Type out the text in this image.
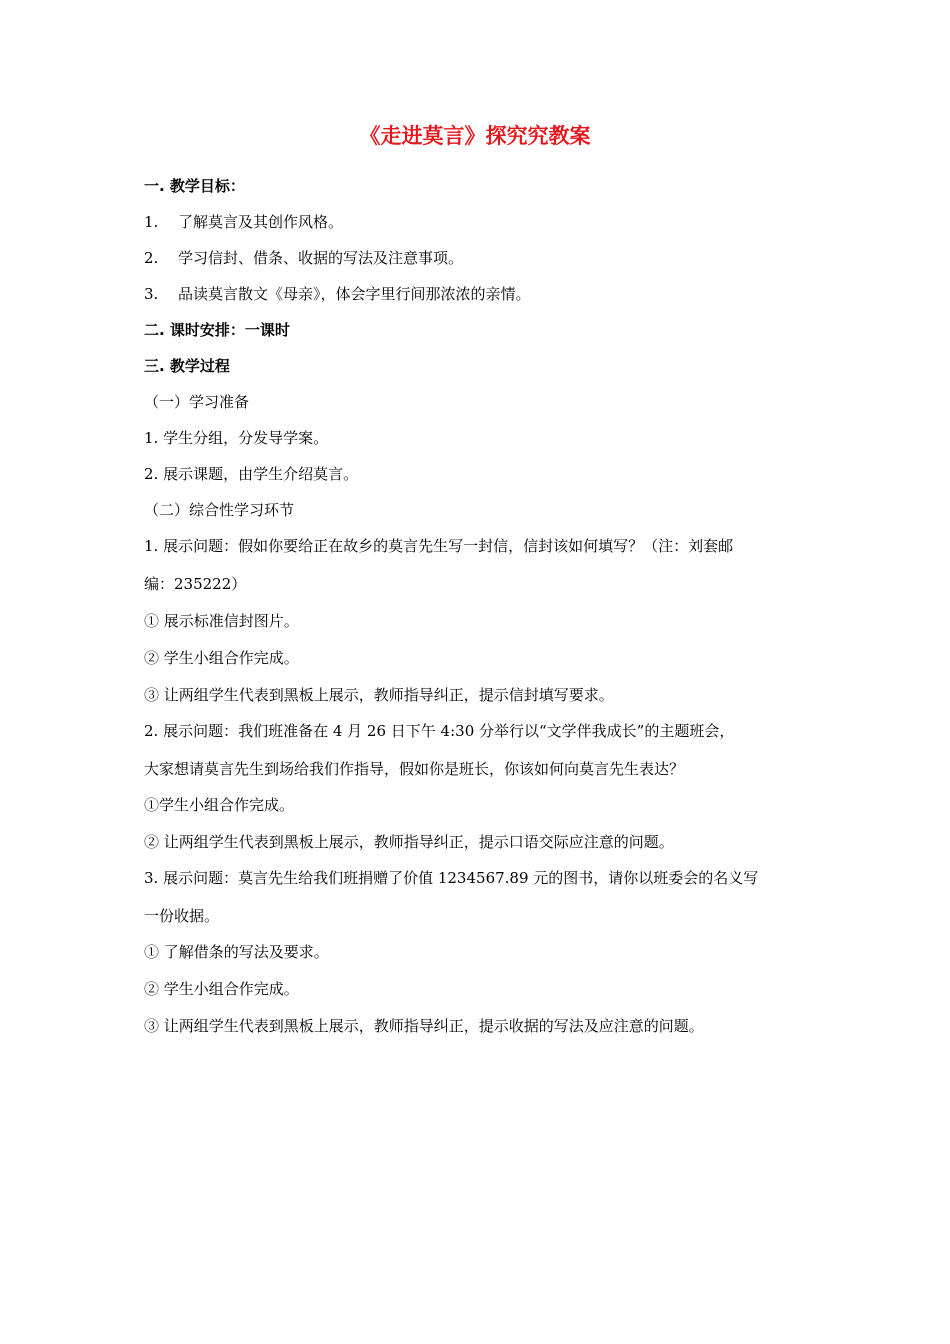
《走进莫言》探究究教案

一. 教学目标：

1. 了解莫言及其创作风格。

2. 学习信封、借条、收据的写法及注意事项。

3. 品读莫言散文《母亲》，体会字里行间那浓浓的亲情。

二. 课时安排：一课时

三. 教学过程

（一）学习准备

1. 学生分组，分发导学案。

2. 展示课题，由学生介绍莫言。

（二）综合性学习环节

1. 展示问题：假如你要给正在故乡的莫言先生写一封信，信封该如何填写？（注：刘套邮

编：235222）

① 展示标准信封图片。

② 学生小组合作完成。

③ 让两组学生代表到黑板上展示，教师指导纠正，提示信封填写要求。

2. 展示问题：我们班准备在 4 月 26 日下午 4:30 分举行以“文学伴我成长”的主题班会，

大家想请莫言先生到场给我们作指导，假如你是班长，你该如何向莫言先生表达？

①学生小组合作完成。

② 让两组学生代表到黑板上展示，教师指导纠正，提示口语交际应注意的问题。

3. 展示问题：莫言先生给我们班捐赠了价值 1234567.89 元的图书，请你以班委会的名义写

一份收据。

① 了解借条的写法及要求。

② 学生小组合作完成。

③ 让两组学生代表到黑板上展示，教师指导纠正，提示收据的写法及应注意的问题。
